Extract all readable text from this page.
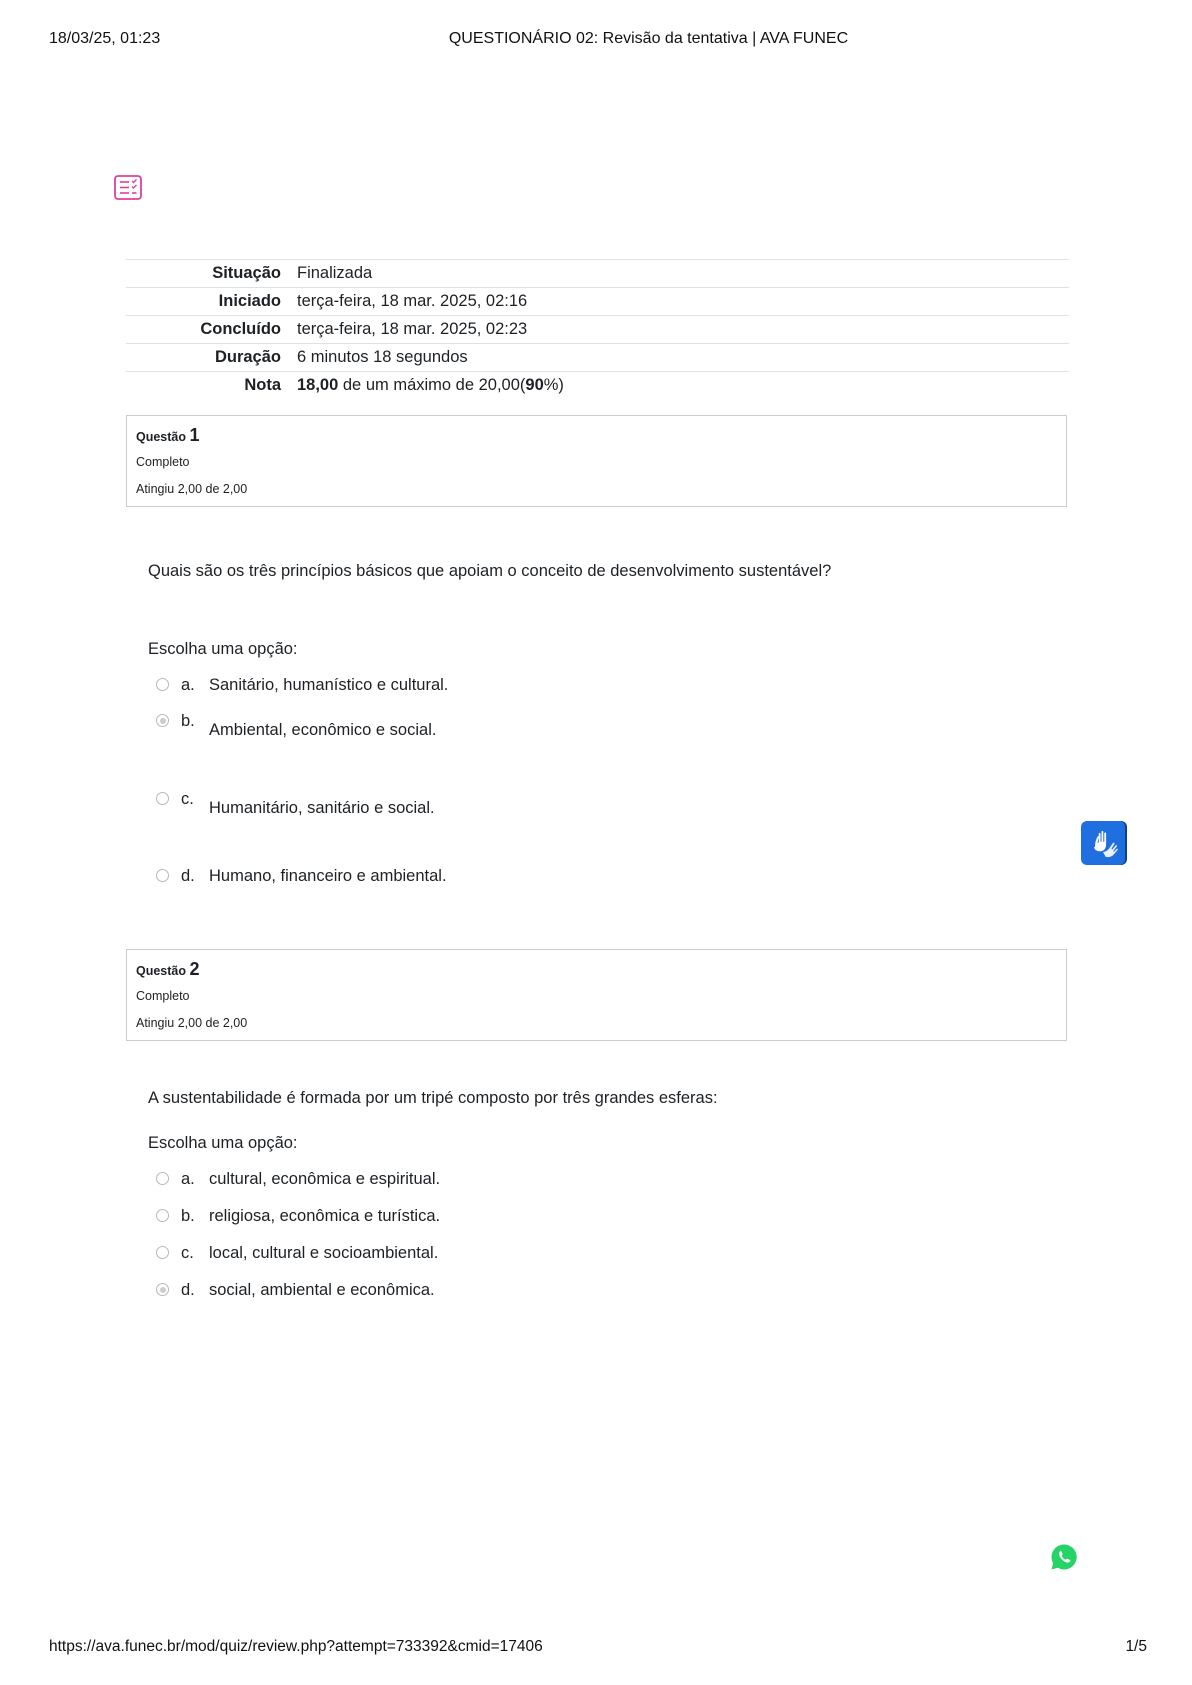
18/03/25, 01:23	QUESTIONÁRIO 02: Revisão da tentativa | AVA FUNEC
Situação	Finalizada
Iniciado	terça-feira, 18 mar. 2025, 02:16
Concluído	terça-feira, 18 mar. 2025, 02:23
Duração	6 minutos 18 segundos
Nota	18,00 de um máximo de 20,00(90%)
Questão 1
Completo
Atingiu 2,00 de 2,00
Quais são os três princípios básicos que apoiam o conceito de desenvolvimento sustentável?
Escolha uma opção:
a. Sanitário, humanístico e cultural.
b. Ambiental, econômico e social.
c. Humanitário, sanitário e social.
d. Humano, financeiro e ambiental.
Questão 2
Completo
Atingiu 2,00 de 2,00
A sustentabilidade é formada por um tripé composto por três grandes esferas:
Escolha uma opção:
a. cultural, econômica e espiritual.
b. religiosa, econômica e turística.
c. local, cultural e socioambiental.
d. social, ambiental e econômica.
https://ava.funec.br/mod/quiz/review.php?attempt=733392&cmid=17406	1/5
